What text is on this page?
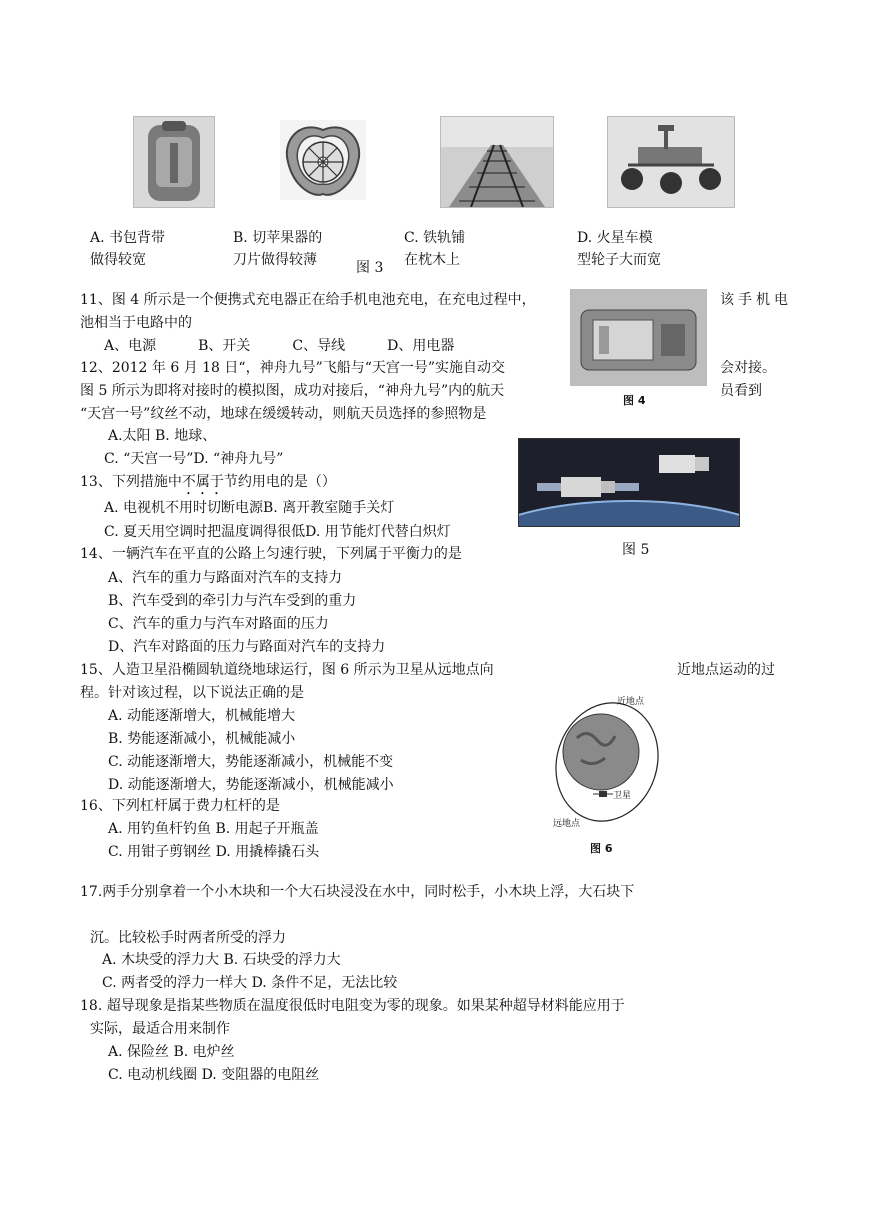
A. 书包背带
做得较宽
B. 切苹果器的
刀片做得较薄	图 3
C. 铁轨铺
在枕木上
D. 火星车模
型轮子大而宽
11、图 4 所示是一个便携式充电器正在给手机电池充电，在充电过程中，	该手机电
池相当于电路中的
A、电源　　　B、开关　　　C、导线　　　D、用电器
图 4
12、2012 年 6 月 18 日“，神舟九号”飞船与“天宫一号”实施自动交	会对接。
图 5 所示为即将对接时的模拟图，成功对接后，“神舟九号”内的航天	员看到
“天宫一号”纹丝不动，地球在缓缓转动，则航天员选择的参照物是
A.太阳 B. 地球、
C. “天宫一号”D. “神舟九号”
图 5
13、下列措施中不属于节约用电的是（）
A. 电视机不用时切断电源B. 离开教室随手关灯
C. 夏天用空调时把温度调得很低D. 用节能灯代替白炽灯
14、一辆汽车在平直的公路上匀速行驶，下列属于平衡力的是
A、汽车的重力与路面对汽车的支持力
B、汽车受到的牵引力与汽车受到的重力
C、汽车的重力与汽车对路面的压力
D、汽车对路面的压力与路面对汽车的支持力
15、人造卫星沿椭圆轨道绕地球运行，图 6 所示为卫星从远地点向	近地点运动的过
程。针对该过程，以下说法正确的是
A. 动能逐渐增大，机械能增大
B. 势能逐渐减小，机械能减小
C. 动能逐渐增大，势能逐渐减小，机械能不变
D. 动能逐渐增大，势能逐渐减小，机械能减小
近地点
卫星
远地点
图 6
16、下列杠杆属于费力杠杆的是
A. 用钓鱼杆钓鱼 B. 用起子开瓶盖
C. 用钳子剪钢丝 D. 用撬棒撬石头
17.两手分别拿着一个小木块和一个大石块浸没在水中，同时松手，小木块上浮，大石块下
沉。比较松手时两者所受的浮力
A. 木块受的浮力大 B. 石块受的浮力大
C. 两者受的浮力一样大 D. 条件不足，无法比较
18. 超导现象是指某些物质在温度很低时电阻变为零的现象。如果某种超导材料能应用于
实际，最适合用来制作
A. 保险丝 B. 电炉丝
C. 电动机线圈 D. 变阻器的电阻丝
